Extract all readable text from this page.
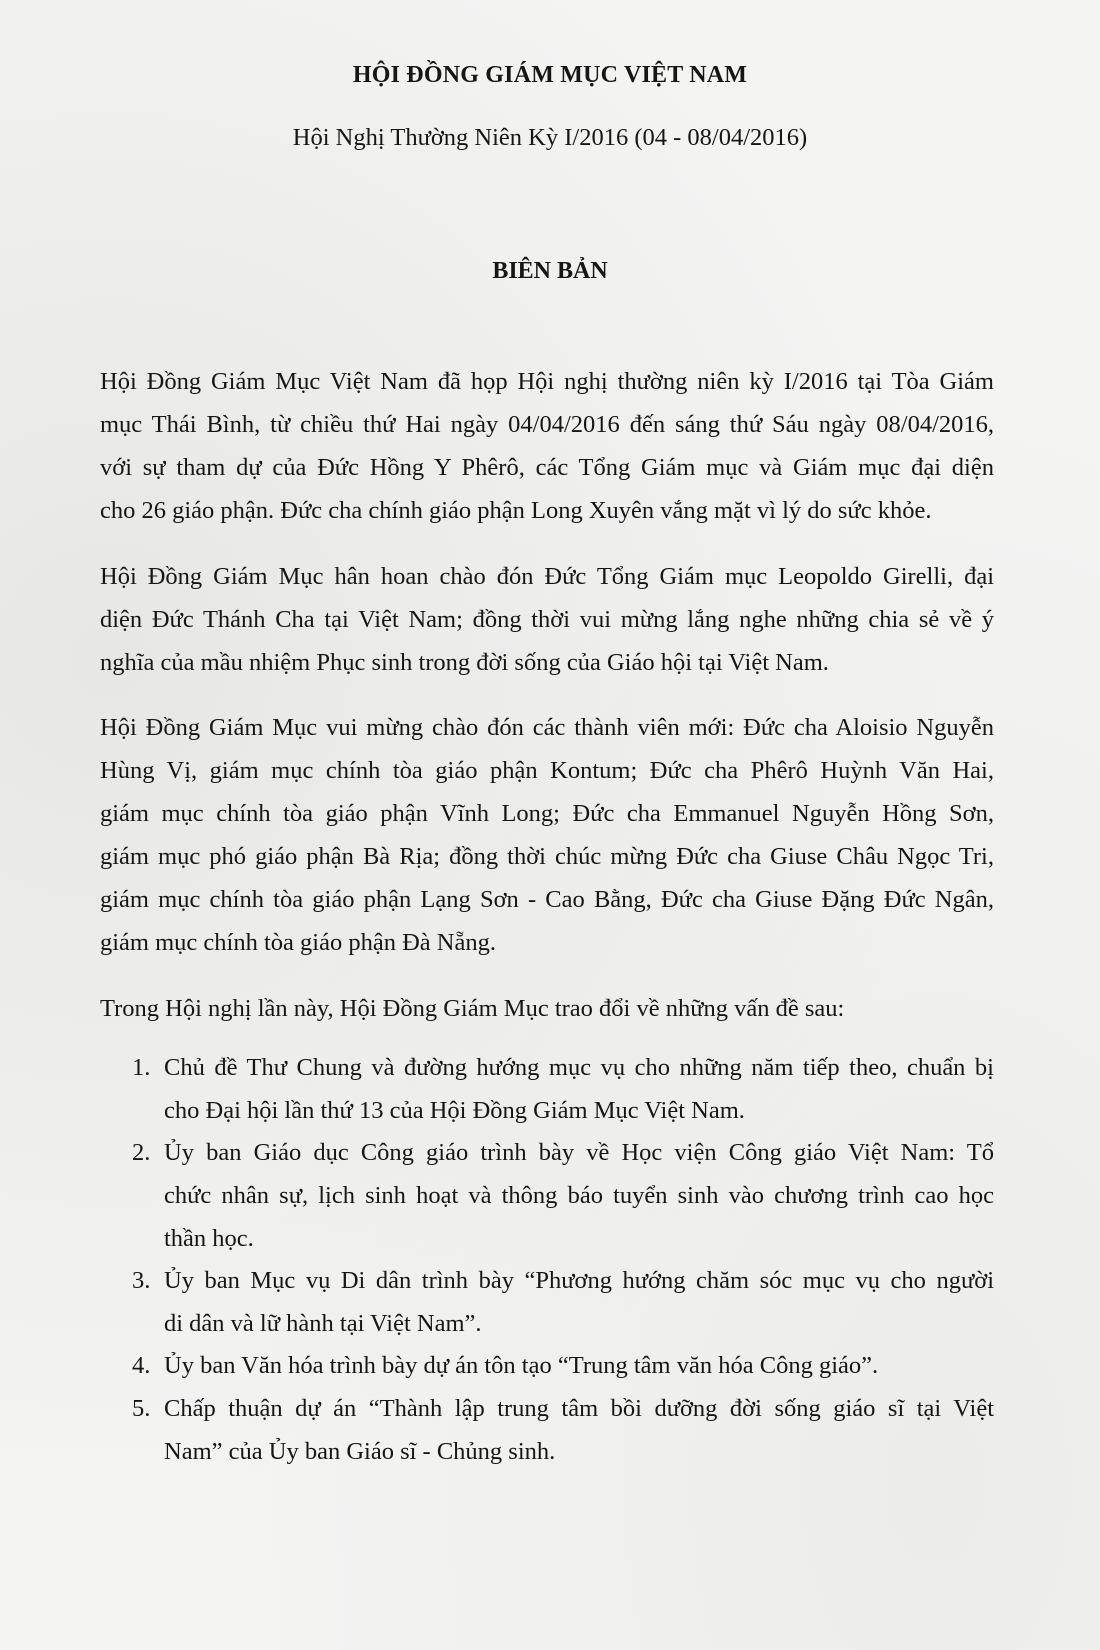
HỘI ĐỒNG GIÁM MỤC VIỆT NAM
Hội Nghị Thường Niên Kỳ I/2016 (04 - 08/04/2016)
BIÊN BẢN
Hội Đồng Giám Mục Việt Nam đã họp Hội nghị thường niên kỳ I/2016 tại Tòa Giám
mục Thái Bình, từ chiều thứ Hai ngày 04/04/2016 đến sáng thứ Sáu ngày 08/04/2016,
với sự tham dự của Đức Hồng Y Phêrô, các Tổng Giám mục và Giám mục đại diện
cho 26 giáo phận. Đức cha chính giáo phận Long Xuyên vắng mặt vì lý do sức khỏe.
Hội Đồng Giám Mục hân hoan chào đón Đức Tổng Giám mục Leopoldo Girelli, đại
diện Đức Thánh Cha tại Việt Nam; đồng thời vui mừng lắng nghe những chia sẻ về ý
nghĩa của mầu nhiệm Phục sinh trong đời sống của Giáo hội tại Việt Nam.
Hội Đồng Giám Mục vui mừng chào đón các thành viên mới: Đức cha Aloisio Nguyễn
Hùng Vị, giám mục chính tòa giáo phận Kontum; Đức cha Phêrô Huỳnh Văn Hai,
giám mục chính tòa giáo phận Vĩnh Long; Đức cha Emmanuel Nguyễn Hồng Sơn,
giám mục phó giáo phận Bà Rịa; đồng thời chúc mừng Đức cha Giuse Châu Ngọc Tri,
giám mục chính tòa giáo phận Lạng Sơn - Cao Bằng, Đức cha Giuse Đặng Đức Ngân,
giám mục chính tòa giáo phận Đà Nẵng.
Trong Hội nghị lần này, Hội Đồng Giám Mục trao đổi về những vấn đề sau:
1. Chủ đề Thư Chung và đường hướng mục vụ cho những năm tiếp theo, chuẩn bị
cho Đại hội lần thứ 13 của Hội Đồng Giám Mục Việt Nam.
2. Ủy ban Giáo dục Công giáo trình bày về Học viện Công giáo Việt Nam: Tổ
chức nhân sự, lịch sinh hoạt và thông báo tuyển sinh vào chương trình cao học
thần học.
3. Ủy ban Mục vụ Di dân trình bày “Phương hướng chăm sóc mục vụ cho người
di dân và lữ hành tại Việt Nam”.
4. Ủy ban Văn hóa trình bày dự án tôn tạo “Trung tâm văn hóa Công giáo”.
5. Chấp thuận dự án “Thành lập trung tâm bồi dưỡng đời sống giáo sĩ tại Việt
Nam” của Ủy ban Giáo sĩ - Chủng sinh.
